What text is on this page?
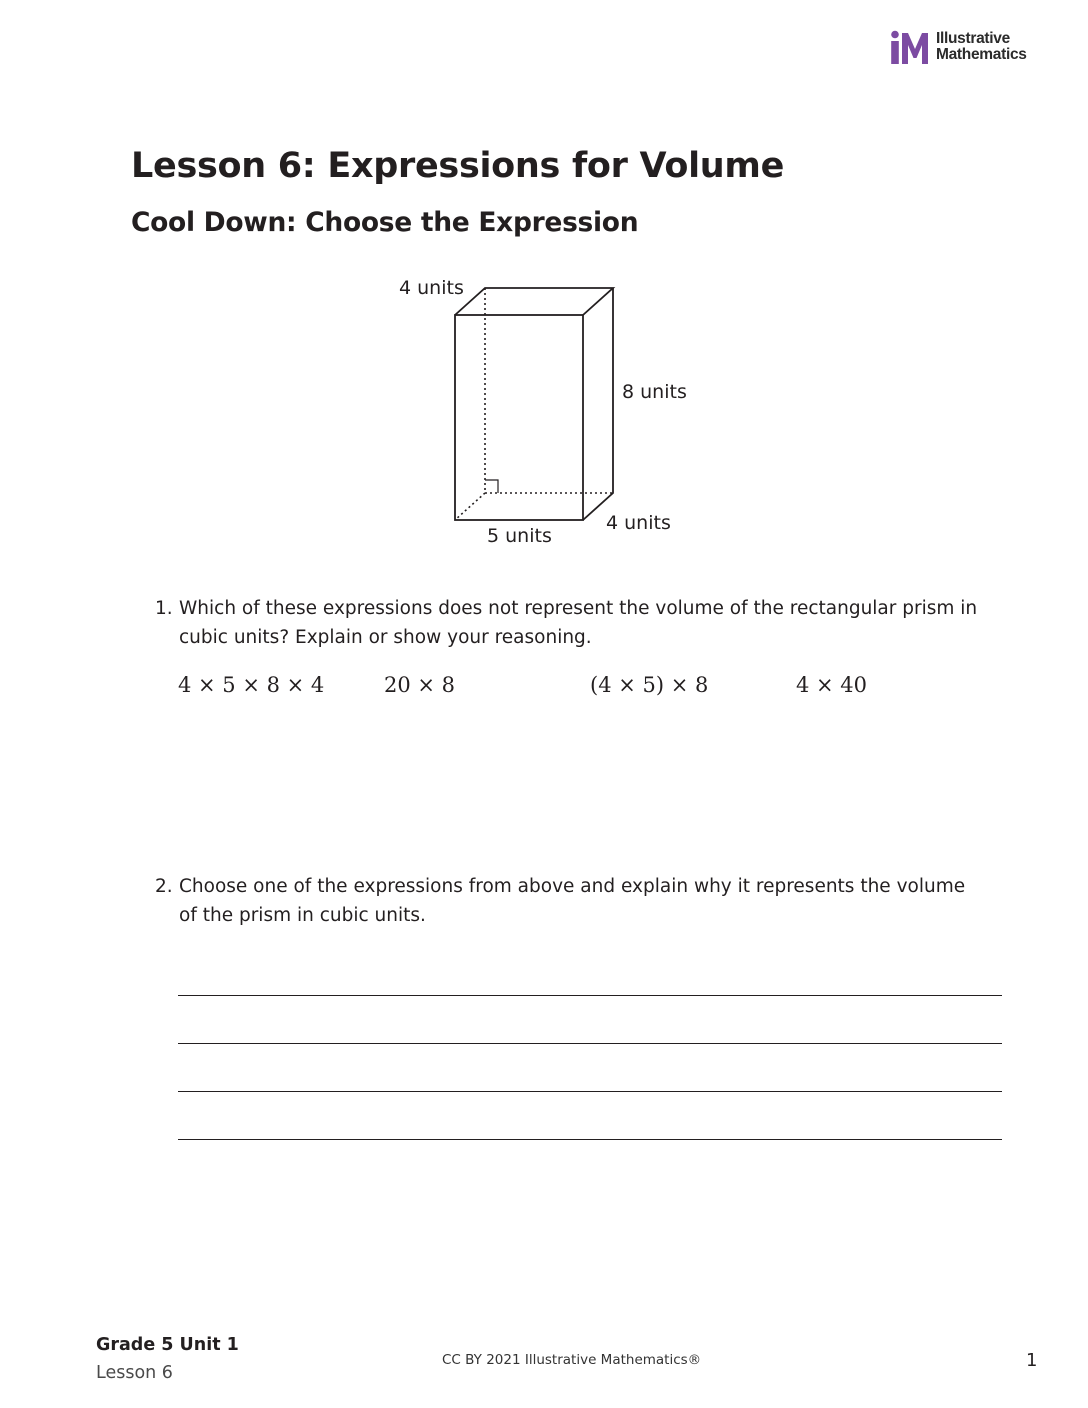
Illustrative
Mathematics
Lesson 6: Expressions for Volume
Cool Down: Choose the Expression
4 units
8 units
4 units
5 units
1. Which of these expressions does not represent the volume of the rectangular prism in cubic units? Explain or show your reasoning.
4 × 5 × 8 × 4	20 × 8	(4 × 5) × 8	4 × 40
2. Choose one of the expressions from above and explain why it represents the volume of the prism in cubic units.
Grade 5 Unit 1
Lesson 6
CC BY 2021 Illustrative Mathematics®	1
